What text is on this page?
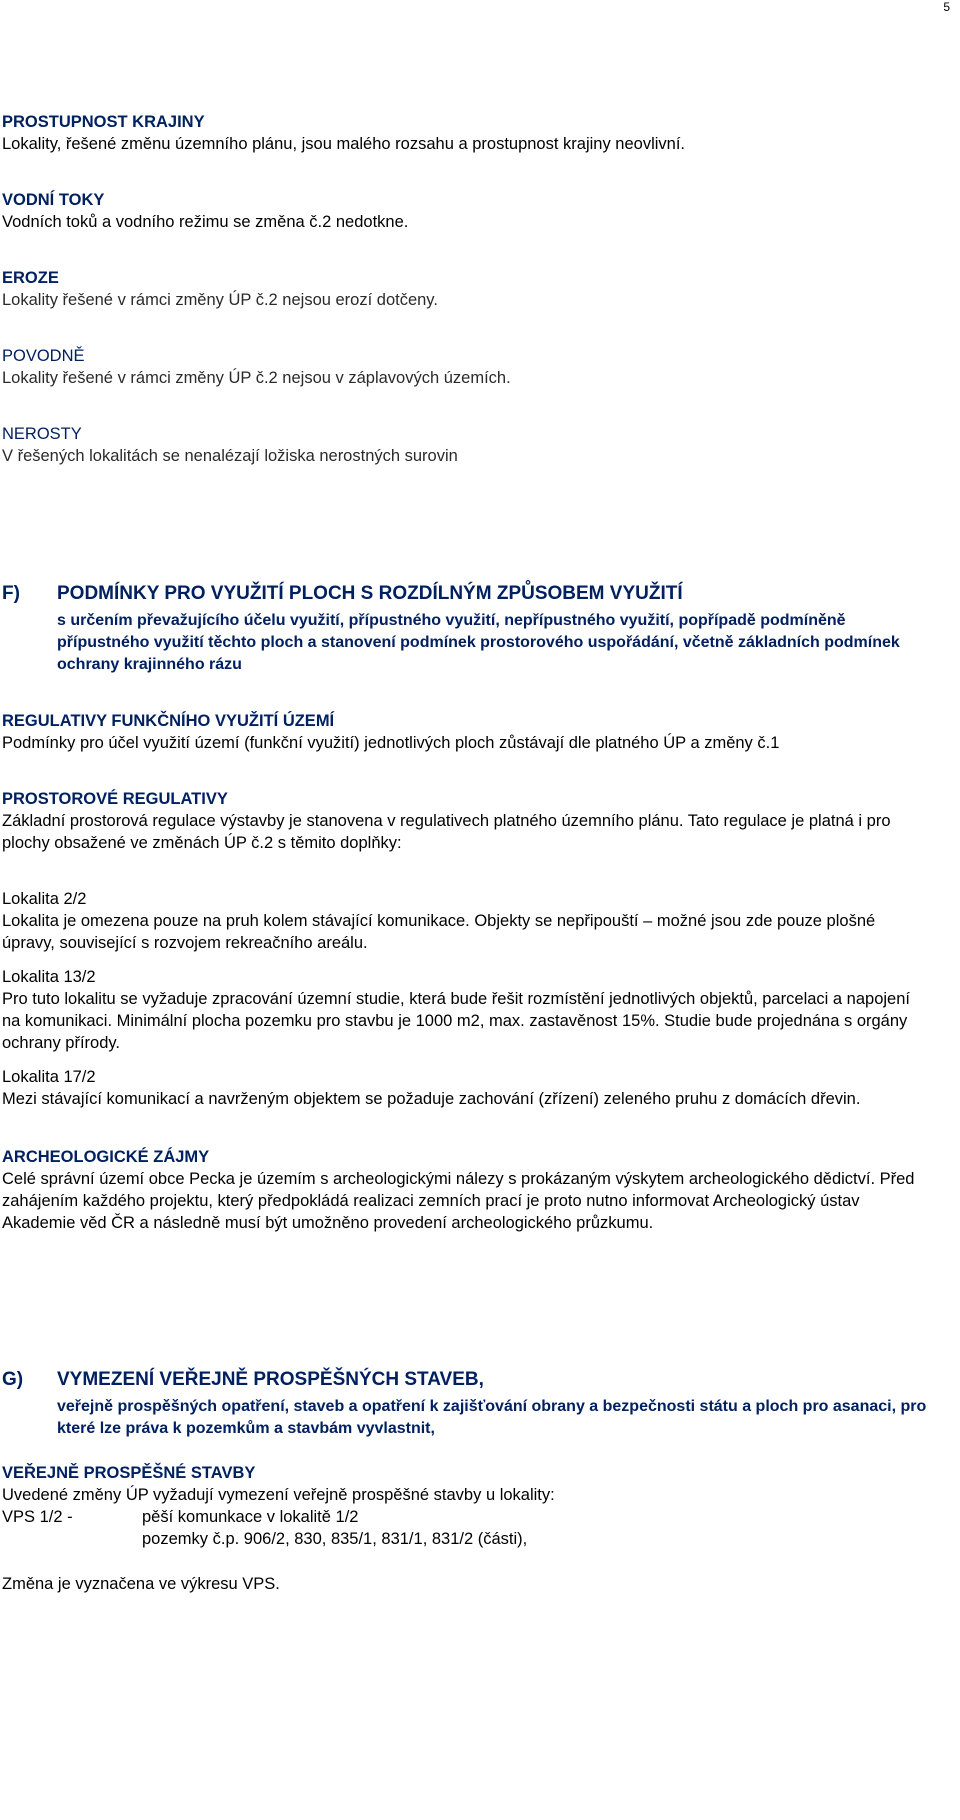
5

PROSTUPNOST KRAJINY

Lokality, řešené změnu územního plánu, jsou malého rozsahu a prostupnost krajiny neovlivní.

VODNÍ TOKY

Vodních toků a vodního režimu se změna č.2 nedotkne.

EROZE

Lokality řešené v rámci změny ÚP č.2 nejsou erozí dotčeny.

POVODNĚ

Lokality řešené v rámci změny ÚP č.2 nejsou v záplavových územích.

NEROSTY

V řešených lokalitách se nenalézají ložiska nerostných surovin

F) PODMÍNKY PRO VYUŽITÍ PLOCH S ROZDÍLNÝM ZPŮSOBEM VYUŽITÍ

s určením převažujícího účelu využití, přípustného využití, nepřípustného využití, popřípadě podmíněně přípustného využití těchto ploch a stanovení podmínek prostorového uspořádání, včetně základních podmínek ochrany krajinného rázu

REGULATIVY FUNKČNÍHO VYUŽITÍ ÚZEMÍ

Podmínky pro účel využití území (funkční využití) jednotlivých ploch zůstávají dle platného ÚP a změny č.1

PROSTOROVÉ REGULATIVY

Základní prostorová regulace výstavby je stanovena v regulativech platného územního plánu. Tato regulace je platná i pro plochy obsažené ve změnách ÚP č.2 s těmito doplňky:

Lokalita 2/2

Lokalita je omezena pouze na pruh kolem stávající komunikace. Objekty se nepřipouští – možné jsou zde pouze plošné úpravy, související s rozvojem rekreačního areálu.

Lokalita 13/2

Pro tuto lokalitu se vyžaduje zpracování územní studie, která bude řešit rozmístění jednotlivých objektů, parcelaci a napojení na komunikaci. Minimální plocha pozemku pro stavbu je 1000 m2, max. zastavěnost 15%. Studie bude projednána s orgány ochrany přírody.

Lokalita 17/2

Mezi stávající komunikací a navrženým objektem se požaduje zachování (zřízení) zeleného pruhu z domácích dřevin.

ARCHEOLOGICKÉ ZÁJMY

Celé správní území obce Pecka je územím s archeologickými nálezy s prokázaným výskytem archeologického dědictví. Před zahájením každého projektu, který předpokládá realizaci zemních prací je proto nutno informovat Archeologický ústav Akademie věd ČR a následně musí být umožněno provedení archeologického průzkumu.

G) VYMEZENÍ VEŘEJNĚ PROSPĚŠNÝCH STAVEB,

veřejně prospěšných opatření, staveb a opatření k zajišťování obrany a bezpečnosti státu a ploch pro asanaci, pro které lze práva k pozemkům a stavbám vyvlastnit,

VEŘEJNĚ PROSPĚŠNÉ STAVBY

Uvedené změny ÚP vyžadují vymezení veřejně prospěšné stavby u lokality:

VPS 1/2 -	pěší komunkace v lokalitě 1/2
pozemky č.p. 906/2, 830, 835/1, 831/1, 831/2 (části),

Změna je vyznačena ve výkresu VPS.
